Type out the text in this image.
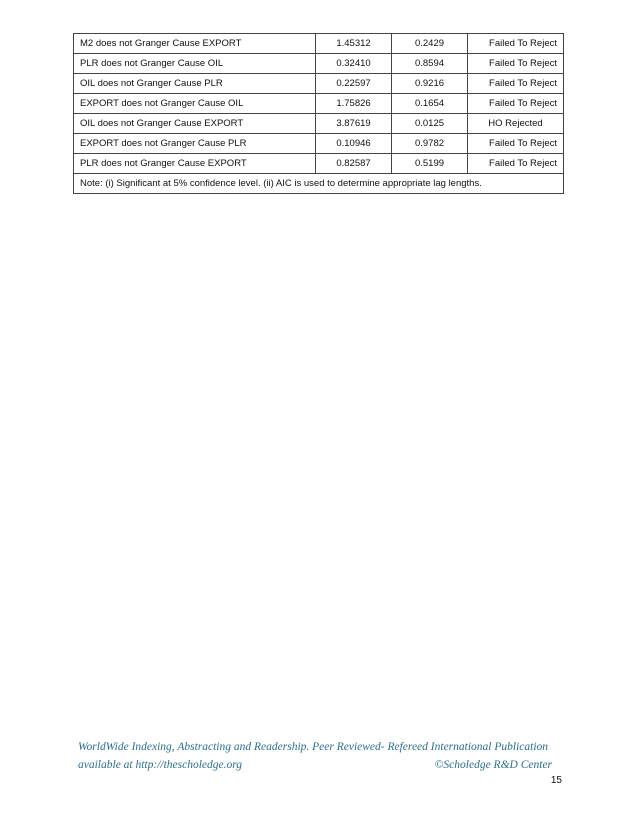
M2 does not Granger Cause EXPORT	1.45312	0.2429	Failed To Reject
PLR does not Granger Cause OIL	0.32410	0.8594	Failed To Reject
OIL does not Granger Cause PLR	0.22597	0.9216	Failed To Reject
EXPORT does not Granger Cause OIL	1.75826	0.1654	Failed To Reject
OIL does not Granger Cause EXPORT	3.87619	0.0125	HO Rejected
EXPORT does not Granger Cause PLR	0.10946	0.9782	Failed To Reject
PLR does not Granger Cause EXPORT	0.82587	0.5199	Failed To Reject
Note: (i) Significant at 5% confidence level. (ii) AIC is used to determine appropriate lag lengths.			
WorldWide Indexing, Abstracting and Readership. Peer Reviewed- Refereed International Publication
available at http://thescholedge.org	©Scholedge R&D Center
15
